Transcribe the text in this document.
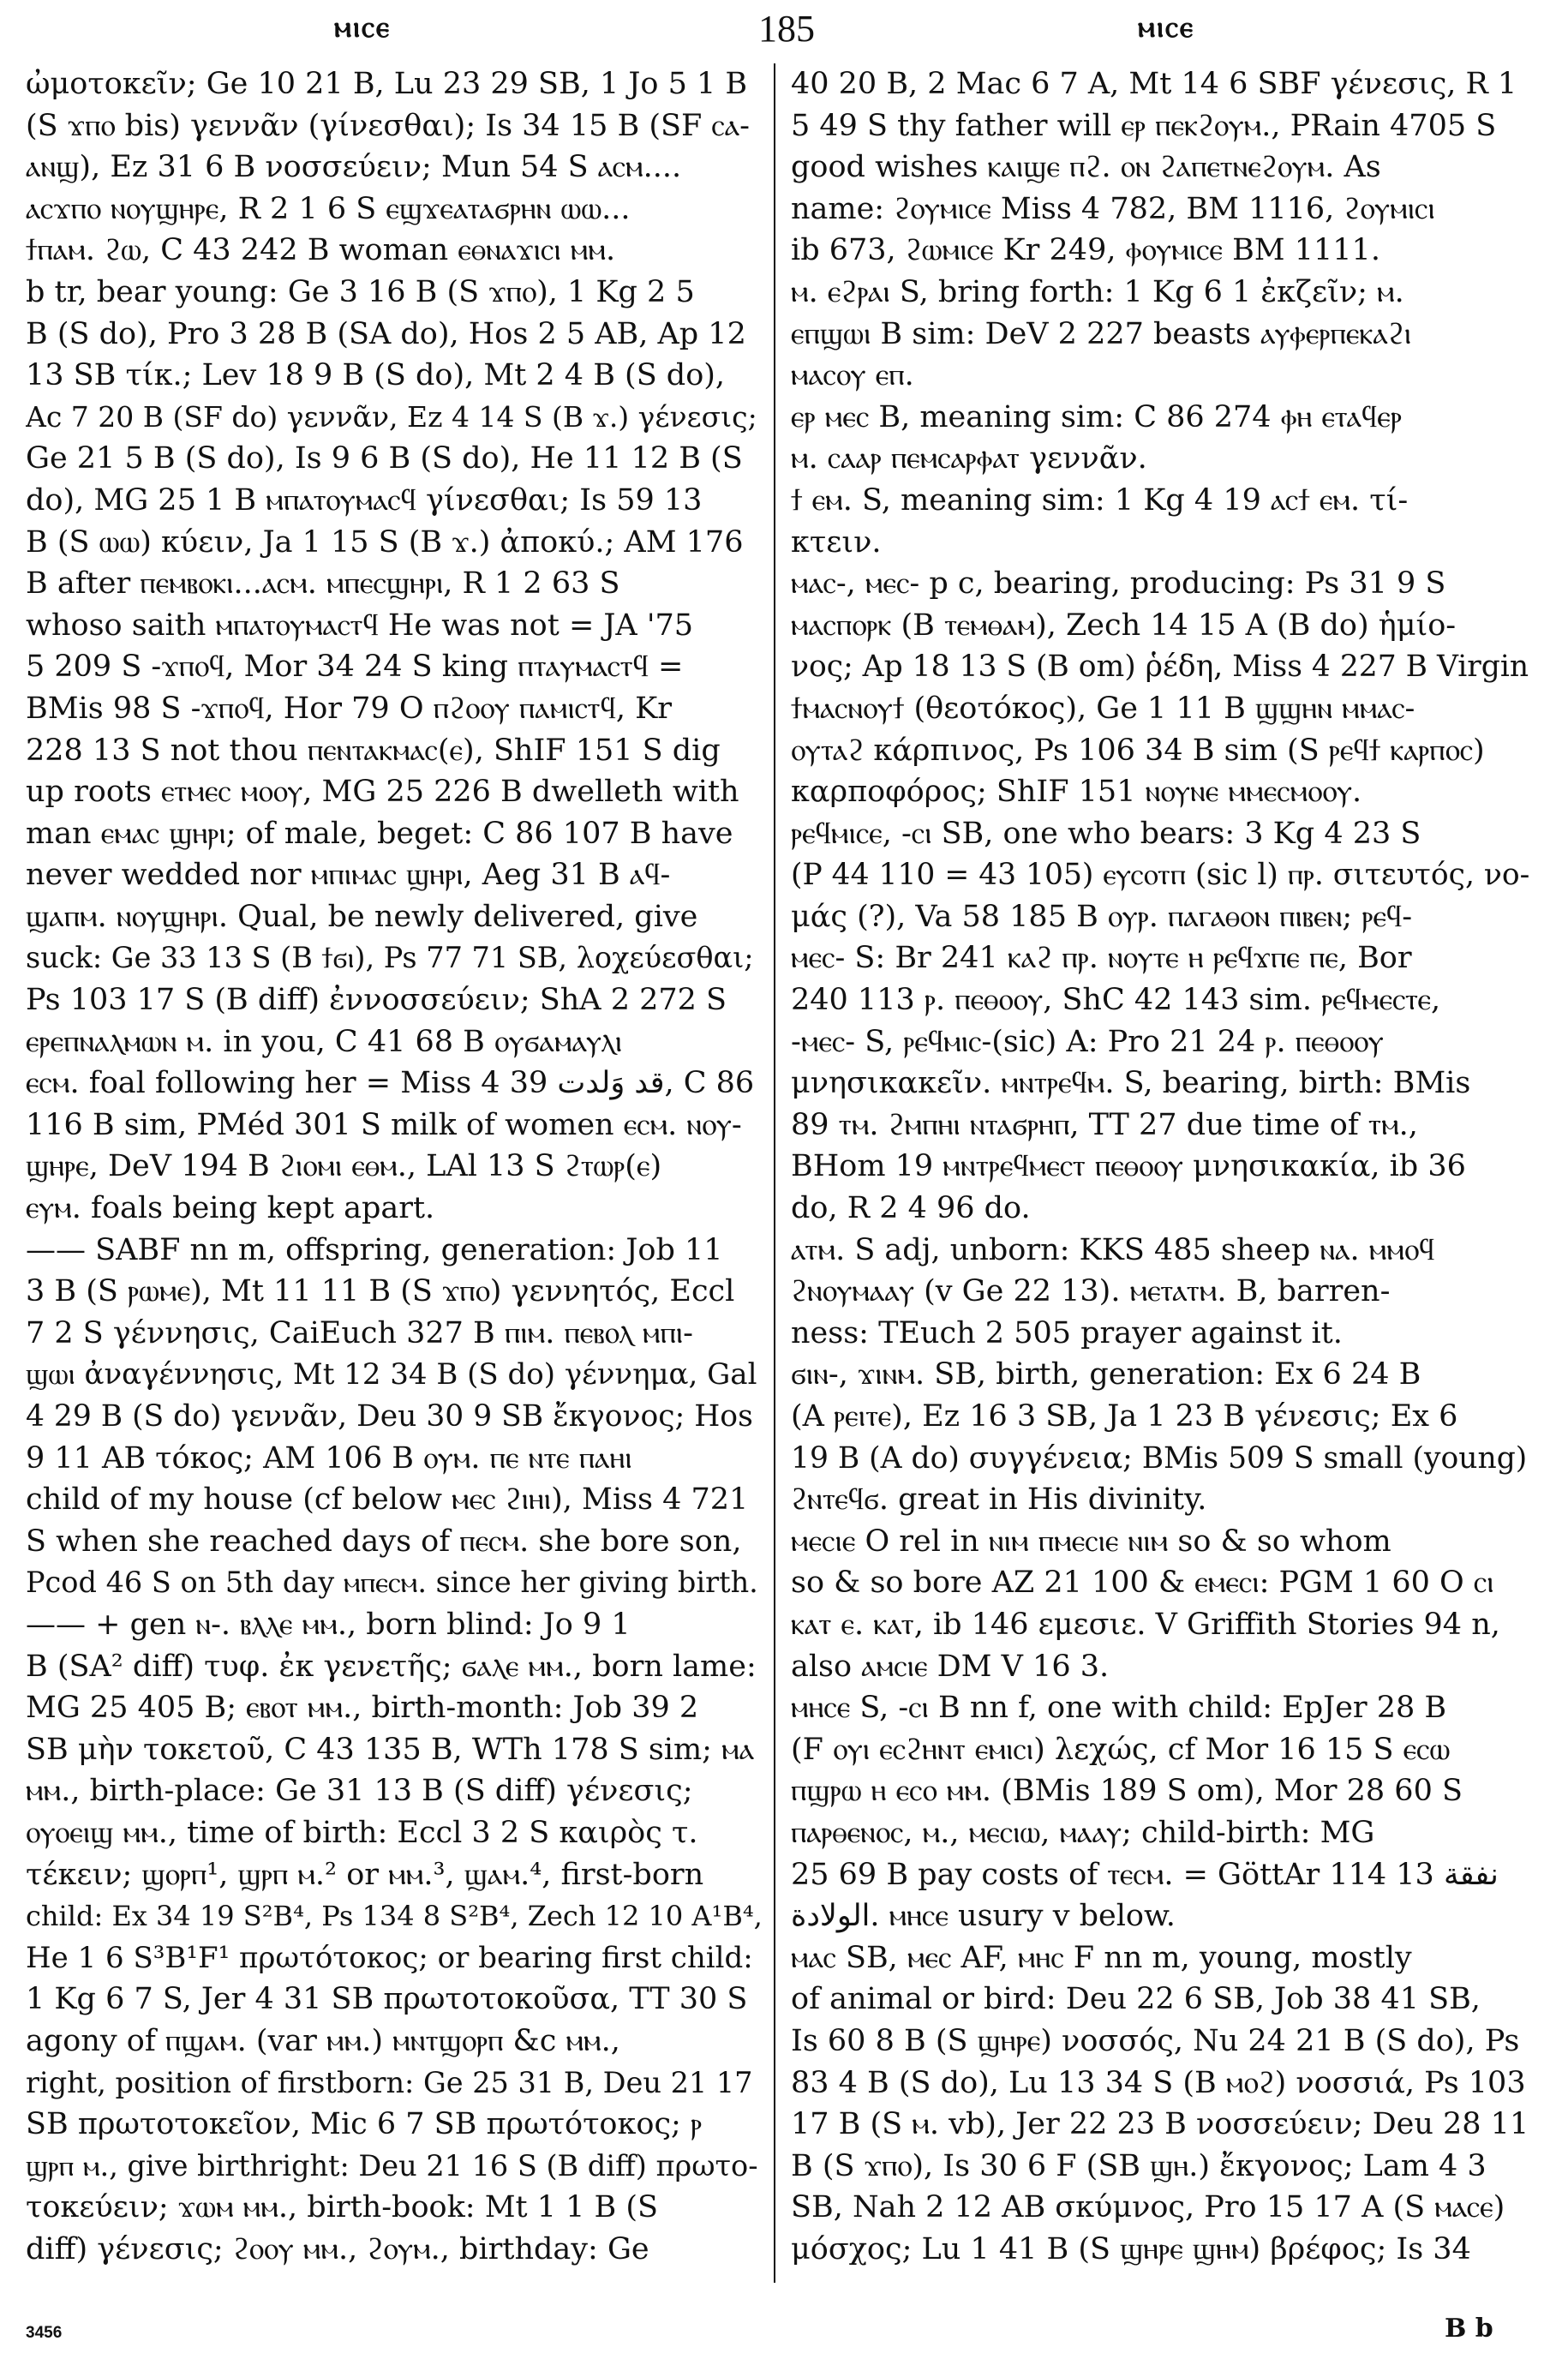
ⲙⲓⲥⲉ	185	ⲙⲓⲥⲉ
ὠμοτοκεῖν; Ge 10 21 B, Lu 23 29 SB, 1 Jo 5 1 B
(S ϫⲡⲟ bis) γεννᾶν (γίνεσθαι); Is 34 15 B (SF ⲥⲁ-
ⲁⲛϣ), Ez 31 6 B νοσσεύειν; Mun 54 S ⲁⲥⲙ....
ⲁⲥϫⲡⲟ ⲛⲟⲩϣⲏⲣⲉ, R 2 1 6 S ⲉϣϫⲉⲁⲧⲁϭⲣⲏⲛ ⲱⲱ...
ϯⲡⲁⲙ. ϩⲱ, C 43 242 B woman ⲉⲑⲛⲁϫⲓⲥⲓ ⲙⲙ.
b tr, bear young: Ge 3 16 B (S ϫⲡⲟ), 1 Kg 2 5
B (S do), Pro 3 28 B (SA do), Hos 2 5 AB, Ap 12
13 SB τίκ.; Lev 18 9 B (S do), Mt 2 4 B (S do),
Ac 7 20 B (SF do) γεννᾶν, Ez 4 14 S (B ϫ.) γένεσις;
Ge 21 5 B (S do), Is 9 6 B (S do), He 11 12 B (S
do), MG 25 1 B ⲙⲡⲁⲧⲟⲩⲙⲁⲥϥ γίνεσθαι; Is 59 13
B (S ⲱⲱ) κύειν, Ja 1 15 S (B ϫ.) ἀποκύ.; AM 176
B after ⲡⲉⲙⲃⲟⲕⲓ...ⲁⲥⲙ. ⲙⲡⲉⲥϣⲏⲣⲓ, R 1 2 63 S
whoso saith ⲙⲡⲁⲧⲟⲩⲙⲁⲥⲧϥ He was not = JA '75
5 209 S -ϫⲡⲟϥ, Mor 34 24 S king ⲡⲧⲁⲩⲙⲁⲥⲧϥ =
BMis 98 S -ϫⲡⲟϥ, Hor 79 O ⲡϩⲟⲟⲩ ⲡⲁⲙⲓⲥⲧϥ, Kr
228 13 S not thou ⲡⲉⲛⲧⲁⲕⲙⲁⲥ(ⲉ), ShIF 151 S dig
up roots ⲉⲧⲙⲉⲥ ⲙⲟⲟⲩ, MG 25 226 B dwelleth with
man ⲉⲙⲁⲥ ϣⲏⲣⲓ; of male, beget: C 86 107 B have
never wedded nor ⲙⲡⲓⲙⲁⲥ ϣⲏⲣⲓ, Aeg 31 B ⲁϥ-
ϣⲁⲡⲙ. ⲛⲟⲩϣⲏⲣⲓ. Qual, be newly delivered, give
suck: Ge 33 13 S (B ϯϭⲓ), Ps 77 71 SB, λοχεύεσθαι;
Ps 103 17 S (B diff) ἐννοσσεύειν; ShA 2 272 S
ⲉⲣⲉⲡⲛⲁⲗⲙⲱⲛ ⲙ. in you, C 41 68 B ⲟⲩϭⲁⲙⲁⲩⲗⲓ
ⲉⲥⲙ. foal following her = Miss 4 39 قد وَلدت, C 86
116 B sim, PMéd 301 S milk of women ⲉⲥⲙ. ⲛⲟⲩ-
ϣⲏⲣⲉ, DeV 194 B ϩⲓⲟⲙⲓ ⲉⲑⲙ., LAl 13 S ϩⲧⲱⲣ(ⲉ)
ⲉⲩⲙ. foals being kept apart.
—— SABF nn m, offspring, generation: Job 11
3 B (S ⲣⲱⲙⲉ), Mt 11 11 B (S ϫⲡⲟ) γεννητός, Eccl
7 2 S γέννησις, CaiEuch 327 B ⲡⲓⲙ. ⲡⲉⲃⲟⲗ ⲙⲡⲓ-
ϣⲱⲓ ἀναγέννησις, Mt 12 34 B (S do) γέννημα, Gal
4 29 B (S do) γεννᾶν, Deu 30 9 SB ἔκγονος; Hos
9 11 AB τόκος; AM 106 B ⲟⲩⲙ. ⲡⲉ ⲛⲧⲉ ⲡⲁⲏⲓ
child of my house (cf below ⲙⲉⲥ ϩⲓⲏⲓ), Miss 4 721
S when she reached days of ⲡⲉⲥⲙ. she bore son,
Pcod 46 S on 5th day ⲙⲡⲉⲥⲙ. since her giving birth.
—— + gen ⲛ-. ⲃⲗⲗⲉ ⲙⲙ., born blind: Jo 9 1
B (SA² diff) τυφ. ἐκ γενετῆς; ϭⲁⲗⲉ ⲙⲙ., born lame:
MG 25 405 B; ⲉⲃⲟⲧ ⲙⲙ., birth-month: Job 39 2
SB μὴν τοκετοῦ, C 43 135 B, WTh 178 S sim; ⲙⲁ
ⲙⲙ., birth-place: Ge 31 13 B (S diff) γένεσις;
ⲟⲩⲟⲉⲓϣ ⲙⲙ., time of birth: Eccl 3 2 S καιρὸς τ.
τέκειν; ϣⲟⲣⲡ¹, ϣⲣⲡ ⲙ.² or ⲙⲙ.³, ϣⲁⲙ.⁴, first-born
child: Ex 34 19 S²B⁴, Ps 134 8 S²B⁴, Zech 12 10 A¹B⁴,
He 1 6 S³B¹F¹ πρωτότοκος; or bearing first child:
1 Kg 6 7 S, Jer 4 31 SB πρωτοτοκοῦσα, TT 30 S
agony of ⲡϣⲁⲙ. (var ⲙⲙ.) ⲙⲛⲧϣⲟⲣⲡ &c ⲙⲙ.,
right, position of firstborn: Ge 25 31 B, Deu 21 17
SB πρωτοτοκεῖον, Mic 6 7 SB πρωτότοκος; ⲣ
ϣⲣⲡ ⲙ., give birthright: Deu 21 16 S (B diff) πρωτο-
τοκεύειν; ϫⲱⲙ ⲙⲙ., birth-book: Mt 1 1 B (S
diff) γένεσις; ϩⲟⲟⲩ ⲙⲙ., ϩⲟⲩⲙ., birthday: Ge
40 20 B, 2 Mac 6 7 A, Mt 14 6 SBF γένεσις, R 1
5 49 S thy father will ⲉⲣ ⲡⲉⲕϩⲟⲩⲙ., PRain 4705 S
good wishes ⲕⲁⲓϣⲉ ⲡϩ. ⲟⲛ ϩⲁⲡⲉⲧⲛⲉϩⲟⲩⲙ. As
name: ϩⲟⲩⲙⲓⲥⲉ Miss 4 782, BM 1116, ϩⲟⲩⲙⲓⲥⲓ
ib 673, ϩⲱⲙⲓⲥⲉ Kr 249, ⲫⲟⲩⲙⲓⲥⲉ BM 1111.
ⲙ. ⲉϩⲣⲁⲓ S, bring forth: 1 Kg 6 1 ἐκζεῖν; ⲙ.
ⲉⲡϣⲱⲓ B sim: DeV 2 227 beasts ⲁⲩⲫⲉⲣⲡⲉⲕⲁϩⲓ
ⲙⲁⲥⲟⲩ ⲉⲡ.
ⲉⲣ ⲙⲉⲥ B, meaning sim: C 86 274 ⲫⲏ ⲉⲧⲁϥⲉⲣ
ⲙ. ⲥⲁⲁⲣ ⲡⲉⲙⲥⲁⲣⲫⲁⲧ γεννᾶν.
ϯ ⲉⲙ. S, meaning sim: 1 Kg 4 19 ⲁⲥϯ ⲉⲙ. τί-
κτειν.
ⲙⲁⲥ-, ⲙⲉⲥ- p c, bearing, producing: Ps 31 9 S
ⲙⲁⲥⲡⲟⲣⲕ (B ⲧⲉⲙⲑⲁⲙ), Zech 14 15 A (B do) ἡμίο-
νος; Ap 18 13 S (B om) ῥέδη, Miss 4 227 B Virgin
ϯⲙⲁⲥⲛⲟⲩϯ (θεοτόκος), Ge 1 11 B ϣϣⲏⲛ ⲙⲙⲁⲥ-
ⲟⲩⲧⲁϩ κάρπινος, Ps 106 34 B sim (S ⲣⲉϥϯ ⲕⲁⲣⲡⲟⲥ)
καρποφόρος; ShIF 151 ⲛⲟⲩⲛⲉ ⲙⲙⲉⲥⲙⲟⲟⲩ.
ⲣⲉϥⲙⲓⲥⲉ, -ⲥⲓ SB, one who bears: 3 Kg 4 23 S
(P 44 110 = 43 105) ⲉⲩⲥⲟⲧⲡ (sic l) ⲡⲣ. σιτευτός, νο-
μάς (?), Va 58 185 B ⲟⲩⲣ. ⲡⲁⲅⲁⲑⲟⲛ ⲡⲓⲃⲉⲛ; ⲣⲉϥ-
ⲙⲉⲥ- S: Br 241 ⲕⲁϩ ⲡⲣ. ⲛⲟⲩⲧⲉ ⲏ ⲣⲉϥϫⲡⲉ ⲡⲉ, Bor
240 113 ⲣ. ⲡⲉⲑⲟⲟⲩ, ShC 42 143 sim. ⲣⲉϥⲙⲉⲥⲧⲉ,
-ⲙⲉⲥ- S, ⲣⲉϥⲙⲓⲥ-(sic) A: Pro 21 24 ⲣ. ⲡⲉⲑⲟⲟⲩ
μνησικακεῖν. ⲙⲛⲧⲣⲉϥⲙ. S, bearing, birth: BMis
89 ⲧⲙ. ϩⲙⲡⲏⲓ ⲛⲧⲁϭⲣⲏⲡ, TT 27 due time of ⲧⲙ.,
BHom 19 ⲙⲛⲧⲣⲉϥⲙⲉⲥⲧ ⲡⲉⲑⲟⲟⲩ μνησικακία, ib 36
do, R 2 4 96 do.
ⲁⲧⲙ. S adj, unborn: KKS 485 sheep ⲛⲁ. ⲙⲙⲟϥ
ϩⲛⲟⲩⲙⲁⲁⲩ (v Ge 22 13). ⲙⲉⲧⲁⲧⲙ. B, barren-
ness: TEuch 2 505 prayer against it.
ϭⲓⲛ-, ϫⲓⲛⲙ. SB, birth, generation: Ex 6 24 B
(A ⲣⲉⲓⲧⲉ), Ez 16 3 SB, Ja 1 23 B γένεσις; Ex 6
19 B (A do) συγγένεια; BMis 509 S small (young)
ϩⲛⲧⲉϥϭ. great in His divinity.
ⲙⲉⲥⲓⲉ O rel in ⲛⲓⲙ ⲡⲙⲉⲥⲓⲉ ⲛⲓⲙ so & so whom
so & so bore AZ 21 100 & ⲉⲙⲉⲥⲓ: PGM 1 60 O ⲥⲓ
ⲕⲁⲧ ⲉ. ⲕⲁⲧ, ib 146 εμεσιε. V Griffith Stories 94 n,
also ⲁⲙⲥⲓⲉ DM V 16 3.
ⲙⲏⲥⲉ S, -ⲥⲓ B nn f, one with child: EpJer 28 B
(F ⲟⲩⲓ ⲉⲥϩⲏⲛⲧ ⲉⲙⲓⲥⲓ) λεχώς, cf Mor 16 15 S ⲉⲥⲱ
ⲡϣⲣⲱ ⲏ ⲉⲥⲟ ⲙⲙ. (BMis 189 S om), Mor 28 60 S
ⲡⲁⲣⲑⲉⲛⲟⲥ, ⲙ., ⲙⲉⲥⲓⲱ, ⲙⲁⲁⲩ; child-birth: MG
25 69 B pay costs of ⲧⲉⲥⲙ. = GöttAr 114 13 نفقة
الولادة. ⲙⲏⲥⲉ usury v below.
ⲙⲁⲥ SB, ⲙⲉⲥ AF, ⲙⲏⲥ F nn m, young, mostly
of animal or bird: Deu 22 6 SB, Job 38 41 SB,
Is 60 8 B (S ϣⲏⲣⲉ) νοσσός, Nu 24 21 B (S do), Ps
83 4 B (S do), Lu 13 34 S (B ⲙⲟϩ) νοσσιά, Ps 103
17 B (S ⲙ. vb), Jer 22 23 B νοσσεύειν; Deu 28 11
B (S ϫⲡⲟ), Is 30 6 F (SB ϣⲏ.) ἔκγονος; Lam 4 3
SB, Nah 2 12 AB σκύμνος, Pro 15 17 A (S ⲙⲁⲥⲉ)
μόσχος; Lu 1 41 B (S ϣⲏⲣⲉ ϣⲏⲙ) βρέφος; Is 34
3456	B b
